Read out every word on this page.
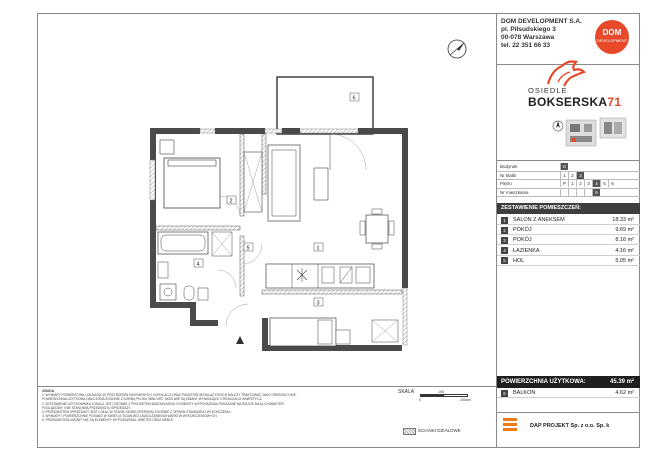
DOM DEVELOPMENT S.A.
pl. Piłsudskiego 3
00-078 Warszawa
tel. 22 351 66 33
DOM
DEVELOPMENT
OSIEDLE
BOKSERSKA71
Budynek	G
Nr klatki	1	2	3
Piętro	P	1	2	3	4	5	6
Nr mieszkania	6
ZESTAWIENIE POMIESZCZEŃ:
1	SALON Z ANEKSEM	18.33 m²
2	POKÓJ	9.69 m²
3	POKÓJ	8.16 m²
4	ŁAZIENKA	4.16 m²
5	HOL	5.05 m²
POWIERZCHNIA UŻYTKOWA:	45.39 m²
6	BALKON	4.62 m²
2
1
3
4
5
6
UWAGA
1. WYMIARY POWIERZCHNI LOKALIZACJĘ PRZYBORÓW SANITARNYCH, INSTALACJI ORAZ PUNKTÓW INSTALACYJNYCH NALEŻY TRAKTOWAĆ JAKO ORIENTACYJNE.
POWIERZCHNIA UŻYTKOWA OBLICZONA ZGODNIE Z NORMĄ PN-ISO 9836:1997. MOŻLIWE SĄ ZMIANY WYNIKAJĄCE Z REALIZACJI INWESTYCJI.
2. ZESTAWIENIE UŻYTKOWNIKA LOKALU JEST ZGODNE Z PROJEKTEM BUDOWLANYM. ELEMENTY WYPOSAŻENIA POKAZANE NA RZUCIE MAJĄ CHARAKTER
POGLĄDOWY I NIE STANOWIĄ PRZEDMIOTU SPRZEDAŻY.
3. PRZEDMIOTEM SPRZEDAŻY JEST LOKAL W STANIE DEWELOPERSKIM ZGODNIE Z OPISEM STANDARDU WYKOŃCZENIA.
4. WYMIARY I POWIERZCHNIE PODANO W ŚWIETLE ŚCIAN BEZ UWZGLĘDNIENIA WARSTW WYKOŃCZENIOWYCH.
5. PRZEDMIOTEM UMOWY NIE SĄ ELEMENTY WYPOSAŻENIA, WNĘTRZ ORAZ MEBLE.
SKALA
0
100
200cm
ŚCIANKI DZIAŁOWE
DAP PROJEKT Sp. z o.o. Sp. k
